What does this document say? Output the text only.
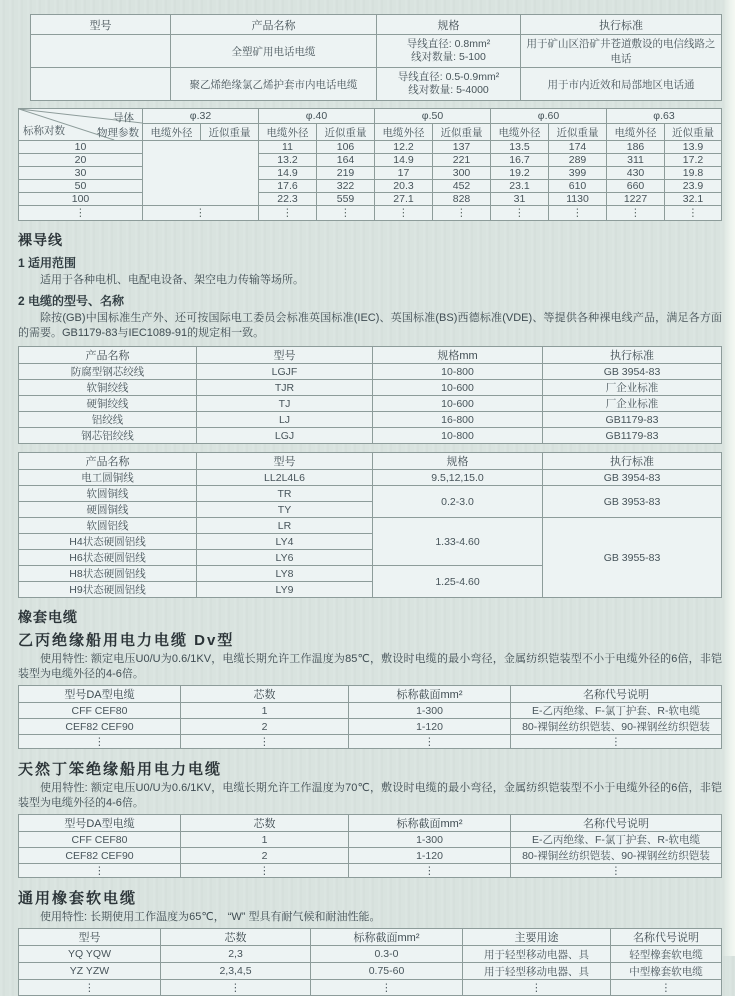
型号	产品名称	规格	执行标准
	全塑矿用电话电缆	导线直径: 0.8mm²
线对数量: 5-100	用于矿山区沿矿井苍道敷设的电信线路之电话
	聚乙烯绝缘氯乙烯护套市内电话电缆	导线直径: 0.5-0.9mm²
线对数量: 5-4000	用于市内近效和局部地区电话通
导体
物理参数
标称对数	φ.32		φ.40		φ.50		φ.60		φ.63	
	电缆外径	近似重量	电缆外径	近似重量	电缆外径	近似重量	电缆外径	近似重量	电缆外径	近似重量
10			11	106	12.2	137	13.5	174	186	13.9
20			13.2	164	14.9	221	16.7	289	311	17.2
30			14.9	219	17	300	19.2	399	430	19.8
50			17.6	322	20.3	452	23.1	610	660	23.9
100			22.3	559	27.1	828	31	1130	1227	32.1
⋮	⋮		⋮	⋮	⋮	⋮	⋮	⋮	⋮	⋮
裸导线
1 适用范围

适用于各种电机、电配电设备、架空电力传输等场所。

2 电缆的型号、名称

除按(GB)中国标准生产外、还可按国际电工委员会标准英国标准(IEC)、英国标准(BS)西德标准(VDE)、等提供各种裸电线产品，满足各方面的需要。GB1179-83与IEC1089-91的规定相一致。

产品名称	型号	规格mm	执行标准
防腐型钢芯绞线	LGJF	10-800	GB 3954-83
软铜绞线	TJR	10-600	厂企业标准
硬铜绞线	TJ	10-600	厂企业标准
铝绞线	LJ	16-800	GB1179-83
钢芯铝绞线	LGJ	10-800	GB1179-83
产品名称	型号	规格	执行标准
电工圆铜线	LL2L4L6	9.5,12,15.0	GB 3954-83
软圆铜线	TR	0.2-3.0	GB 3953-83
硬圆铜线	TY		
软圆铝线	LR	1.33-4.60	GB 3955-83
H4状态硬圆铝线	LY4		
H6状态硬圆铝线	LY6		
H8状态硬圆铝线	LY8	1.25-4.60	
H9状态硬圆铝线	LY9		
橡套电缆
乙丙绝缘船用电力电缆 Dv型

使用特性: 额定电压U0/U为0.6/1KV，电缆长期允许工作温度为85℃，敷设时电缆的最小弯径，金属纺织铠装型不小于电缆外径的6倍，非铠装型为电缆外径的4-6倍。

型号DA型电缆	芯数	标称截面mm²	名称代号说明
CFF CEF80	1	1-300	E-乙丙绝缘、F-氯丁护套、R-软电缆
CEF82 CEF90	2	1-120	80-裸铜丝纺织铠装、90-裸钢丝纺织铠装
⋮	⋮	⋮	⋮
天然丁笨绝缘船用电力电缆

使用特性: 额定电压U0/U为0.6/1KV，电缆长期允许工作温度为70℃，敷设时电缆的最小弯径，金属纺织铠装型不小于电缆外径的6倍，非铠装型为电缆外径的4-6倍。

型号DA型电缆	芯数	标称截面mm²	名称代号说明
CFF CEF80	1	1-300	E-乙丙绝缘、F-氯丁护套、R-软电缆
CEF82 CEF90	2	1-120	80-裸铜丝纺织铠装、90-裸钢丝纺织铠装
⋮	⋮	⋮	⋮
通用橡套软电缆

使用特性: 长期使用工作温度为65℃， “W” 型具有耐气候和耐油性能。

型号	芯数	标称截面mm²	主要用途	名称代号说明
YQ YQW	2,3	0.3-0	用于轻型移动电器、具	轻型橡套软电缆
YZ YZW	2,3,4,5	0.75-60	用于轻型移动电器、具	中型橡套软电缆
⋮	⋮	⋮	⋮	⋮
